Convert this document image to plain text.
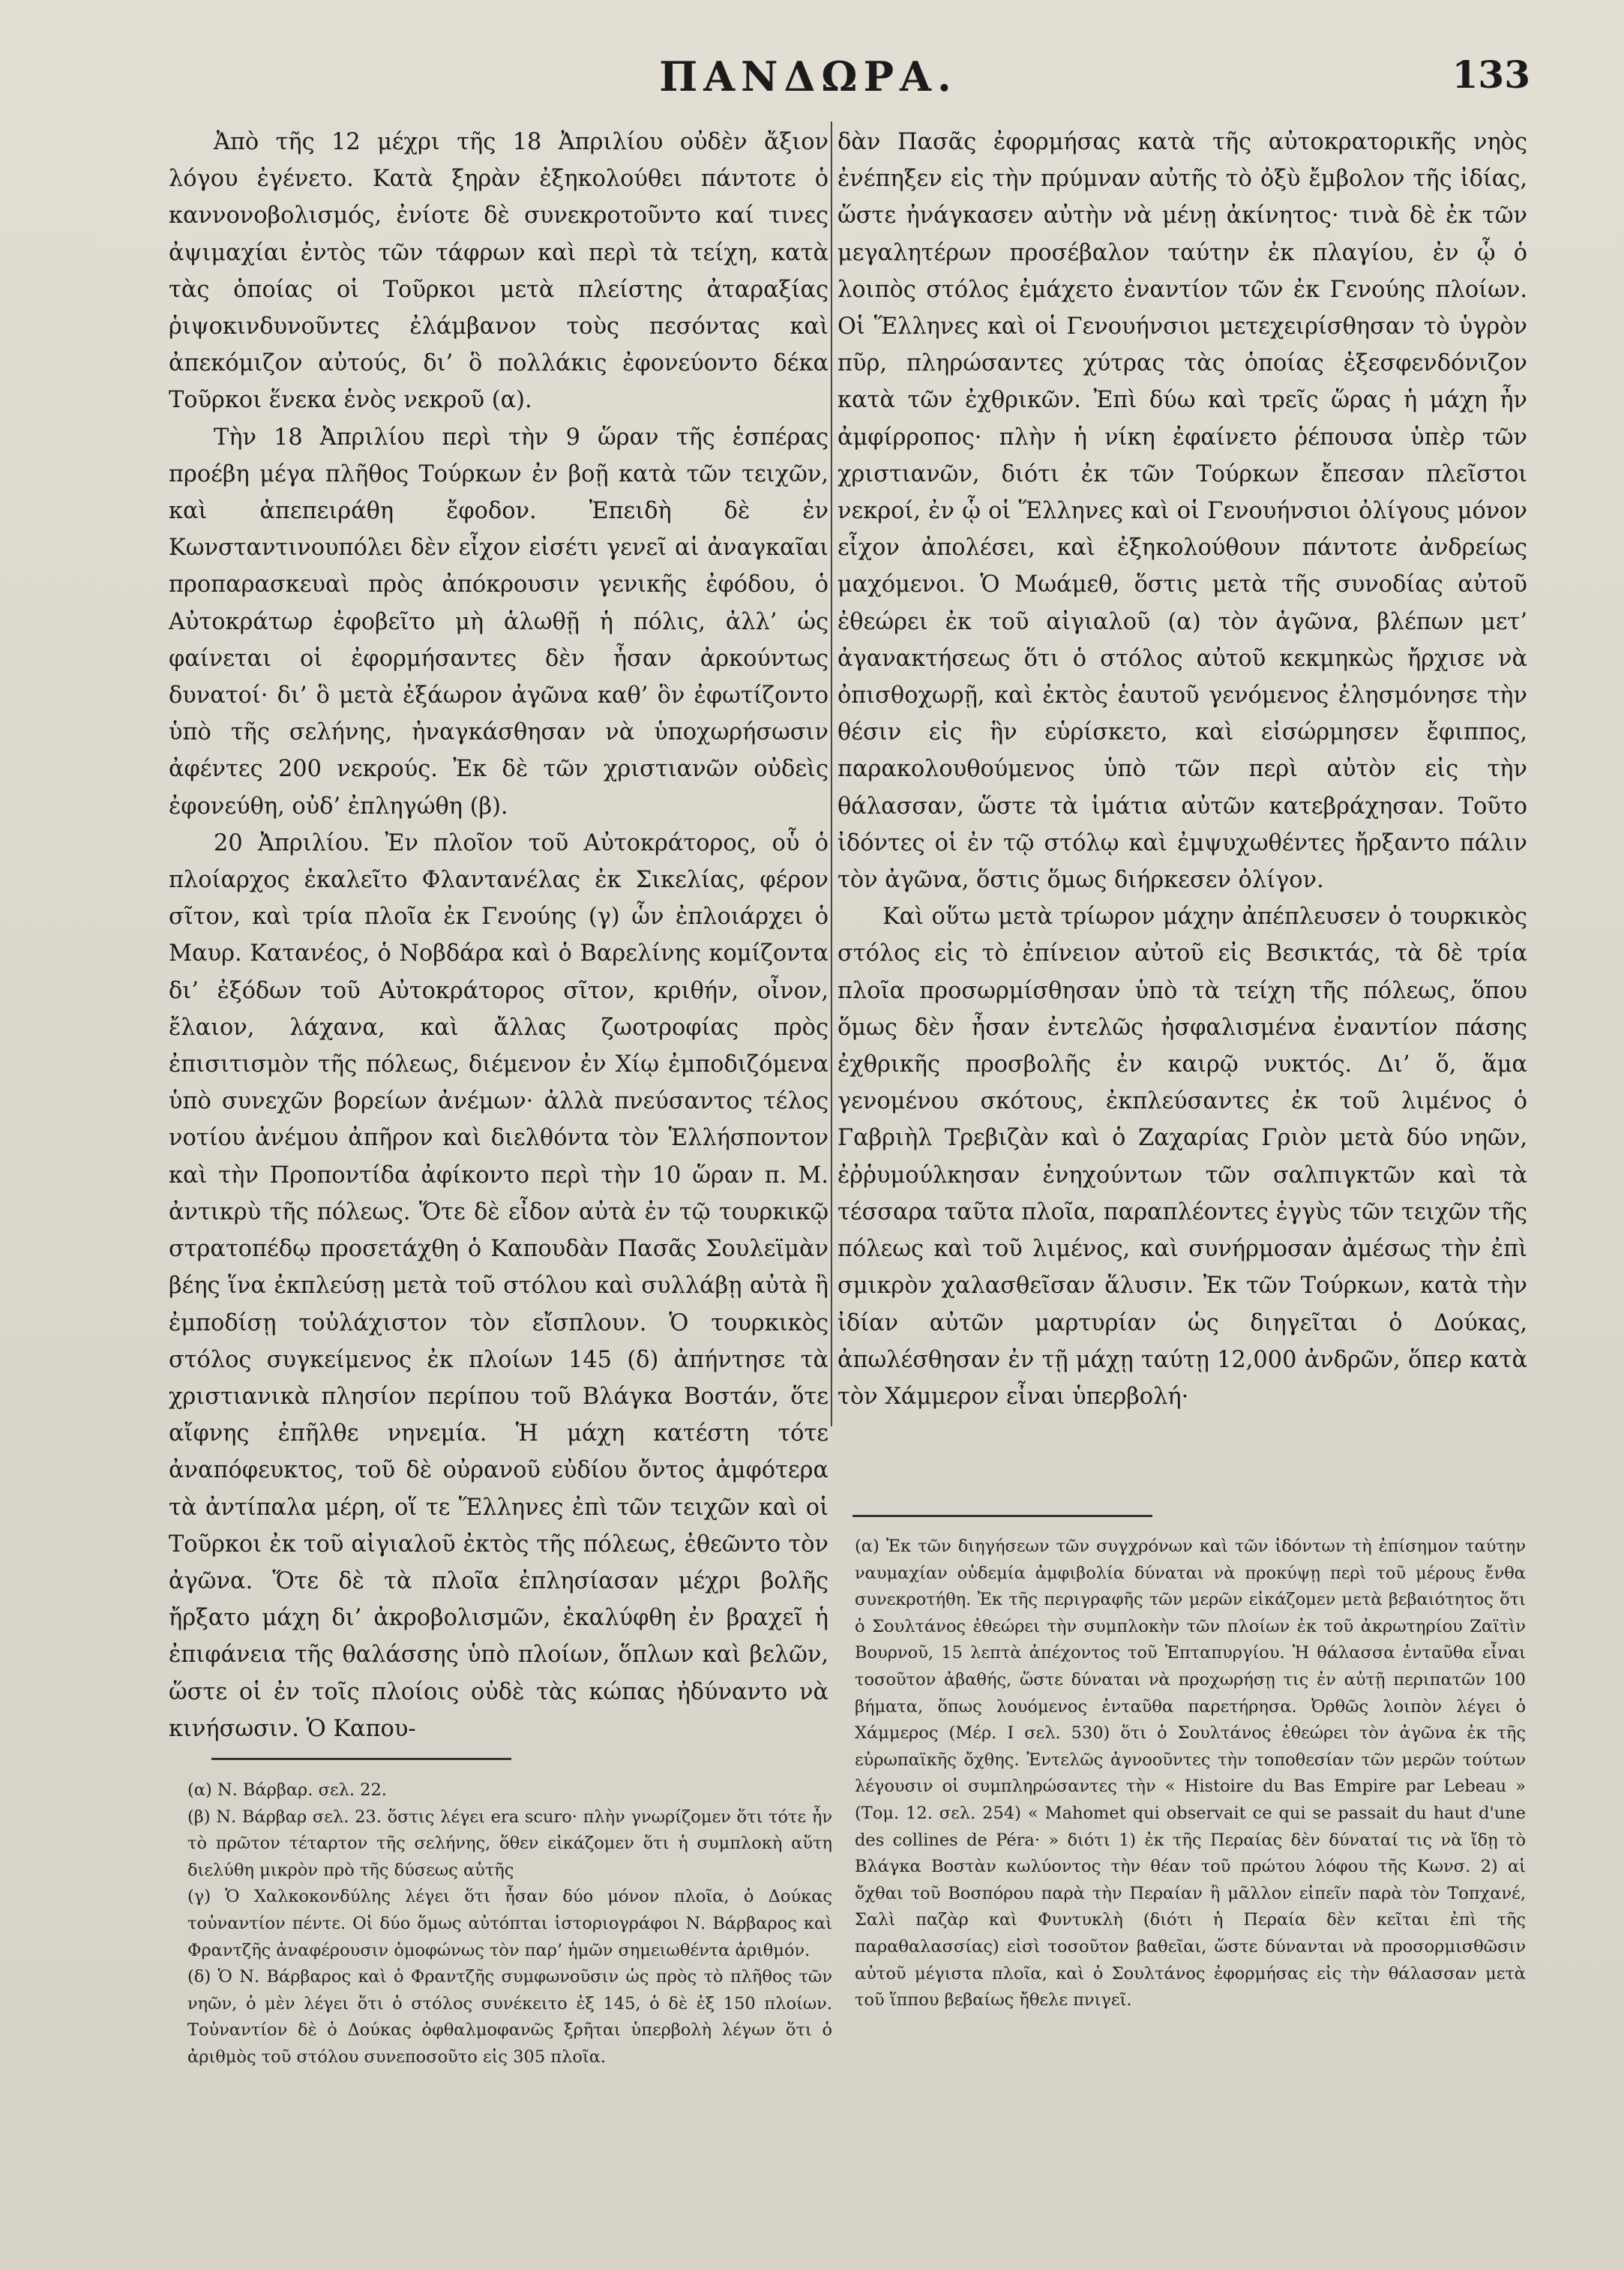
ΠΑΝΔΩΡΑ.	133

Ἀπὸ τῆς 12 μέχρι τῆς 18 Ἀπριλίου οὐδὲν ἄξιον λόγου ἐγένετο. Κατὰ ξηρὰν ἐξηκολούθει πάντοτε ὁ καννονοβολισμός, ἐνίοτε δὲ συνεκροτοῦντο καί τινες ἀψιμαχίαι ἐντὸς τῶν τάφρων καὶ περὶ τὰ τείχη, κατὰ τὰς ὁποίας οἱ Τοῦρκοι μετὰ πλείστης ἀταραξίας ῥιψοκινδυνοῦντες ἐλάμβανον τοὺς πεσόντας καὶ ἀπεκόμιζον αὐτούς, δι’ ὃ πολλάκις ἐφονεύοντο δέκα Τοῦρκοι ἕνεκα ἑνὸς νεκροῦ (α).

Τὴν 18 Ἀπριλίου περὶ τὴν 9 ὥραν τῆς ἑσπέρας προέβη μέγα πλῆθος Τούρκων ἐν βοῇ κατὰ τῶν τειχῶν, καὶ ἀπεπειράθη ἔφοδον. Ἐπειδὴ δὲ ἐν Κωνσταντινουπόλει δὲν εἶχον εἰσέτι γενεῖ αἱ ἀναγκαῖαι προπαρασκευαὶ πρὸς ἀπόκρουσιν γενικῆς ἐφόδου, ὁ Αὐτοκράτωρ ἐφοβεῖτο μὴ ἁλωθῇ ἡ πόλις, ἀλλ’ ὡς φαίνεται οἱ ἐφορμήσαντες δὲν ἦσαν ἀρκούντως δυνατοί· δι’ ὃ μετὰ ἐξάωρον ἀγῶνα καθ’ ὃν ἐφωτίζοντο ὑπὸ τῆς σελήνης, ἠναγκάσθησαν νὰ ὑποχωρήσωσιν ἀφέντες 200 νεκρούς. Ἐκ δὲ τῶν χριστιανῶν οὐδεὶς ἐφονεύθη, οὐδ’ ἐπληγώθη (β).

20 Ἀπριλίου. Ἐν πλοῖον τοῦ Αὐτοκράτορος, οὗ ὁ πλοίαρχος ἐκαλεῖτο Φλαντανέλας ἐκ Σικελίας, φέρον σῖτον, καὶ τρία πλοῖα ἐκ Γενούης (γ) ὧν ἐπλοιάρχει ὁ Μαυρ. Κατανέος, ὁ Νοβδάρα καὶ ὁ Βαρελίνης κομίζοντα δι’ ἐξόδων τοῦ Αὐτοκράτορος σῖτον, κριθήν, οἶνον, ἔλαιον, λάχανα, καὶ ἄλλας ζωοτροφίας πρὸς ἐπισιτισμὸν τῆς πόλεως, διέμενον ἐν Χίῳ ἐμποδιζόμενα ὑπὸ συνεχῶν βορείων ἀνέμων· ἀλλὰ πνεύσαντος τέλος νοτίου ἀνέμου ἀπῆρον καὶ διελθόντα τὸν Ἑλλήσποντον καὶ τὴν Προποντίδα ἀφίκοντο περὶ τὴν 10 ὥραν π. Μ. ἀντικρὺ τῆς πόλεως. Ὅτε δὲ εἶδον αὐτὰ ἐν τῷ τουρκικῷ στρατοπέδῳ προσετάχθη ὁ Καπουδὰν Πασᾶς Σουλεϊμὰν βέης ἵνα ἐκπλεύσῃ μετὰ τοῦ στόλου καὶ συλλάβῃ αὐτὰ ἢ ἐμποδίσῃ τοὐλάχιστον τὸν εἴσπλουν. Ὁ τουρκικὸς στόλος συγκείμενος ἐκ πλοίων 145 (δ) ἀπήντησε τὰ χριστιανικὰ πλησίον περίπου τοῦ Βλάγκα Βοστάν, ὅτε αἴφνης ἐπῆλθε νηνεμία. Ἡ μάχη κατέστη τότε ἀναπόφευκτος, τοῦ δὲ οὐρανοῦ εὐδίου ὄντος ἀμφότερα τὰ ἀντίπαλα μέρη, οἵ τε Ἕλληνες ἐπὶ τῶν τειχῶν καὶ οἱ Τοῦρκοι ἐκ τοῦ αἰγιαλοῦ ἐκτὸς τῆς πόλεως, ἐθεῶντο τὸν ἀγῶνα. Ὅτε δὲ τὰ πλοῖα ἐπλησίασαν μέχρι βολῆς ἤρξατο μάχη δι’ ἀκροβολισμῶν, ἐκαλύφθη ἐν βραχεῖ ἡ ἐπιφάνεια τῆς θαλάσσης ὑπὸ πλοίων, ὅπλων καὶ βελῶν, ὥστε οἱ ἐν τοῖς πλοίοις οὐδὲ τὰς κώπας ἠδύναντο νὰ κινήσωσιν. Ὁ Καπου-

δὰν Πασᾶς ἐφορμήσας κατὰ τῆς αὐτοκρατορικῆς νηὸς ἐνέπηξεν εἰς τὴν πρύμναν αὐτῆς τὸ ὀξὺ ἔμβολον τῆς ἰδίας, ὥστε ἠνάγκασεν αὐτὴν νὰ μένῃ ἀκίνητος· τινὰ δὲ ἐκ τῶν μεγαλητέρων προσέβαλον ταύτην ἐκ πλαγίου, ἐν ᾧ ὁ λοιπὸς στόλος ἐμάχετο ἐναντίον τῶν ἐκ Γενούης πλοίων. Οἱ Ἕλληνες καὶ οἱ Γενουήνσιοι μετεχειρίσθησαν τὸ ὑγρὸν πῦρ, πληρώσαντες χύτρας τὰς ὁποίας ἐξεσφενδόνιζον κατὰ τῶν ἐχθρικῶν. Ἐπὶ δύω καὶ τρεῖς ὥρας ἡ μάχη ἦν ἀμφίρροπος· πλὴν ἡ νίκη ἐφαίνετο ῥέπουσα ὑπὲρ τῶν χριστιανῶν, διότι ἐκ τῶν Τούρκων ἔπεσαν πλεῖστοι νεκροί, ἐν ᾧ οἱ Ἕλληνες καὶ οἱ Γενουήνσιοι ὀλίγους μόνον εἶχον ἀπολέσει, καὶ ἐξηκολούθουν πάντοτε ἀνδρείως μαχόμενοι. Ὁ Μωάμεθ, ὅστις μετὰ τῆς συνοδίας αὐτοῦ ἐθεώρει ἐκ τοῦ αἰγιαλοῦ (α) τὸν ἀγῶνα, βλέπων μετ’ ἀγανακτήσεως ὅτι ὁ στόλος αὐτοῦ κεκμηκὼς ἤρχισε νὰ ὀπισθοχωρῇ, καὶ ἐκτὸς ἑαυτοῦ γενόμενος ἐλησμόνησε τὴν θέσιν εἰς ἣν εὑρίσκετο, καὶ εἰσώρμησεν ἔφιππος, παρακολουθούμενος ὑπὸ τῶν περὶ αὐτὸν εἰς τὴν θάλασσαν, ὥστε τὰ ἱμάτια αὐτῶν κατεβράχησαν. Τοῦτο ἰδόντες οἱ ἐν τῷ στόλῳ καὶ ἐμψυχωθέντες ἤρξαντο πάλιν τὸν ἀγῶνα, ὅστις ὅμως διήρκεσεν ὀλίγον.

Καὶ οὕτω μετὰ τρίωρον μάχην ἀπέπλευσεν ὁ τουρκικὸς στόλος εἰς τὸ ἐπίνειον αὐτοῦ εἰς Βεσικτάς, τὰ δὲ τρία πλοῖα προσωρμίσθησαν ὑπὸ τὰ τείχη τῆς πόλεως, ὅπου ὅμως δὲν ἦσαν ἐντελῶς ἠσφαλισμένα ἐναντίον πάσης ἐχθρικῆς προσβολῆς ἐν καιρῷ νυκτός. Δι’ ὅ, ἅμα γενομένου σκότους, ἐκπλεύσαντες ἐκ τοῦ λιμένος ὁ Γαβριὴλ Τρεβιζὰν καὶ ὁ Ζαχαρίας Γριὸν μετὰ δύο νηῶν, ἐῤῥυμούλκησαν ἐνηχούντων τῶν σαλπιγκτῶν καὶ τὰ τέσσαρα ταῦτα πλοῖα, παραπλέοντες ἐγγὺς τῶν τειχῶν τῆς πόλεως καὶ τοῦ λιμένος, καὶ συνήρμοσαν ἀμέσως τὴν ἐπὶ σμικρὸν χαλασθεῖσαν ἅλυσιν. Ἐκ τῶν Τούρκων, κατὰ τὴν ἰδίαν αὐτῶν μαρτυρίαν ὡς διηγεῖται ὁ Δούκας, ἀπωλέσθησαν ἐν τῇ μάχῃ ταύτῃ 12,000 ἀνδρῶν, ὅπερ κατὰ τὸν Χάμμερον εἶναι ὑπερβολή·

(α) Ν. Βάρβαρ. σελ. 22.

(β) Ν. Βάρβαρ σελ. 23. ὅστις λέγει era scuro· πλὴν γνωρίζομεν ὅτι τότε ἦν τὸ πρῶτον τέταρτον τῆς σελήνης, ὅθεν εἰκάζομεν ὅτι ἡ συμπλοκὴ αὕτη διελύθη μικρὸν πρὸ τῆς δύσεως αὐτῆς

(γ) Ὁ Χαλκοκονδύλης λέγει ὅτι ἦσαν δύο μόνον πλοῖα, ὁ Δούκας τοὐναντίον πέντε. Οἱ δύο ὅμως αὐτόπται ἱστοριογράφοι Ν. Βάρβαρος καὶ Φραντζῆς ἀναφέρουσιν ὁμοφώνως τὸν παρ’ ἡμῶν σημειωθέντα ἀριθμόν.

(δ) Ὁ Ν. Βάρβαρος καὶ ὁ Φραντζῆς συμφωνοῦσιν ὡς πρὸς τὸ πλῆθος τῶν νηῶν, ὁ μὲν λέγει ὅτι ὁ στόλος συνέκειτο ἐξ 145, ὁ δὲ ἐξ 150 πλοίων. Τοὐναντίον δὲ ὁ Δούκας ὀφθαλμοφανῶς ξρῆται ὑπερβολὴ λέγων ὅτι ὁ ἀριθμὸς τοῦ στόλου συνεποσοῦτο εἰς 305 πλοῖα.

(α) Ἐκ τῶν διηγήσεων τῶν συγχρόνων καὶ τῶν ἰδόντων τὴ ἐπίσημον ταύτην ναυμαχίαν οὐδεμία ἀμφιβολία δύναται νὰ προκύψῃ περὶ τοῦ μέρους ἔνθα συνεκροτήθη. Ἐκ τῆς περιγραφῆς τῶν μερῶν εἰκάζομεν μετὰ βεβαιότητος ὅτι ὁ Σουλτάνος ἐθεώρει τὴν συμπλοκὴν τῶν πλοίων ἐκ τοῦ ἀκρωτηρίου Ζαϊτὶν Βουρνοῦ, 15 λεπτὰ ἀπέχοντος τοῦ Ἑπταπυργίου. Ἡ θάλασσα ἐνταῦθα εἶναι τοσοῦτον ἀβαθής, ὥστε δύναται νὰ προχωρήσῃ τις ἐν αὐτῇ περιπατῶν 100 βήματα, ὅπως λουόμενος ἐνταῦθα παρετήρησα. Ὀρθῶς λοιπὸν λέγει ὁ Χάμμερος (Μέρ. I σελ. 530) ὅτι ὁ Σουλτάνος ἐθεώρει τὸν ἀγῶνα ἐκ τῆς εὐρωπαϊκῆς ὄχθης. Ἐντελῶς ἀγνοοῦντες τὴν τοποθεσίαν τῶν μερῶν τούτων λέγουσιν οἱ συμπληρώσαντες τὴν « Histoire du Bas Empire par Lebeau » (Τομ. 12. σελ. 254) « Mahomet qui observait ce qui se passait du haut d'une des collines de Péra· » διότι 1) ἐκ τῆς Περαίας δὲν δύναταί τις νὰ ἴδῃ τὸ Βλάγκα Βοστὰν κωλύοντος τὴν θέαν τοῦ πρώτου λόφου τῆς Κωνσ. 2) αἱ ὄχθαι τοῦ Βοσπόρου παρὰ τὴν Περαίαν ἢ μᾶλλον εἰπεῖν παρὰ τὸν Τοπχανέ, Σαλὶ παζὰρ καὶ Φυντυκλὴ (διότι ἡ Περαία δὲν κεῖται ἐπὶ τῆς παραθαλασσίας) εἰσὶ τοσοῦτον βαθεῖαι, ὥστε δύνανται νὰ προσορμισθῶσιν αὐτοῦ μέγιστα πλοῖα, καὶ ὁ Σουλτάνος ἐφορμήσας εἰς τὴν θάλασσαν μετὰ τοῦ ἵππου βεβαίως ἤθελε πνιγεῖ.
